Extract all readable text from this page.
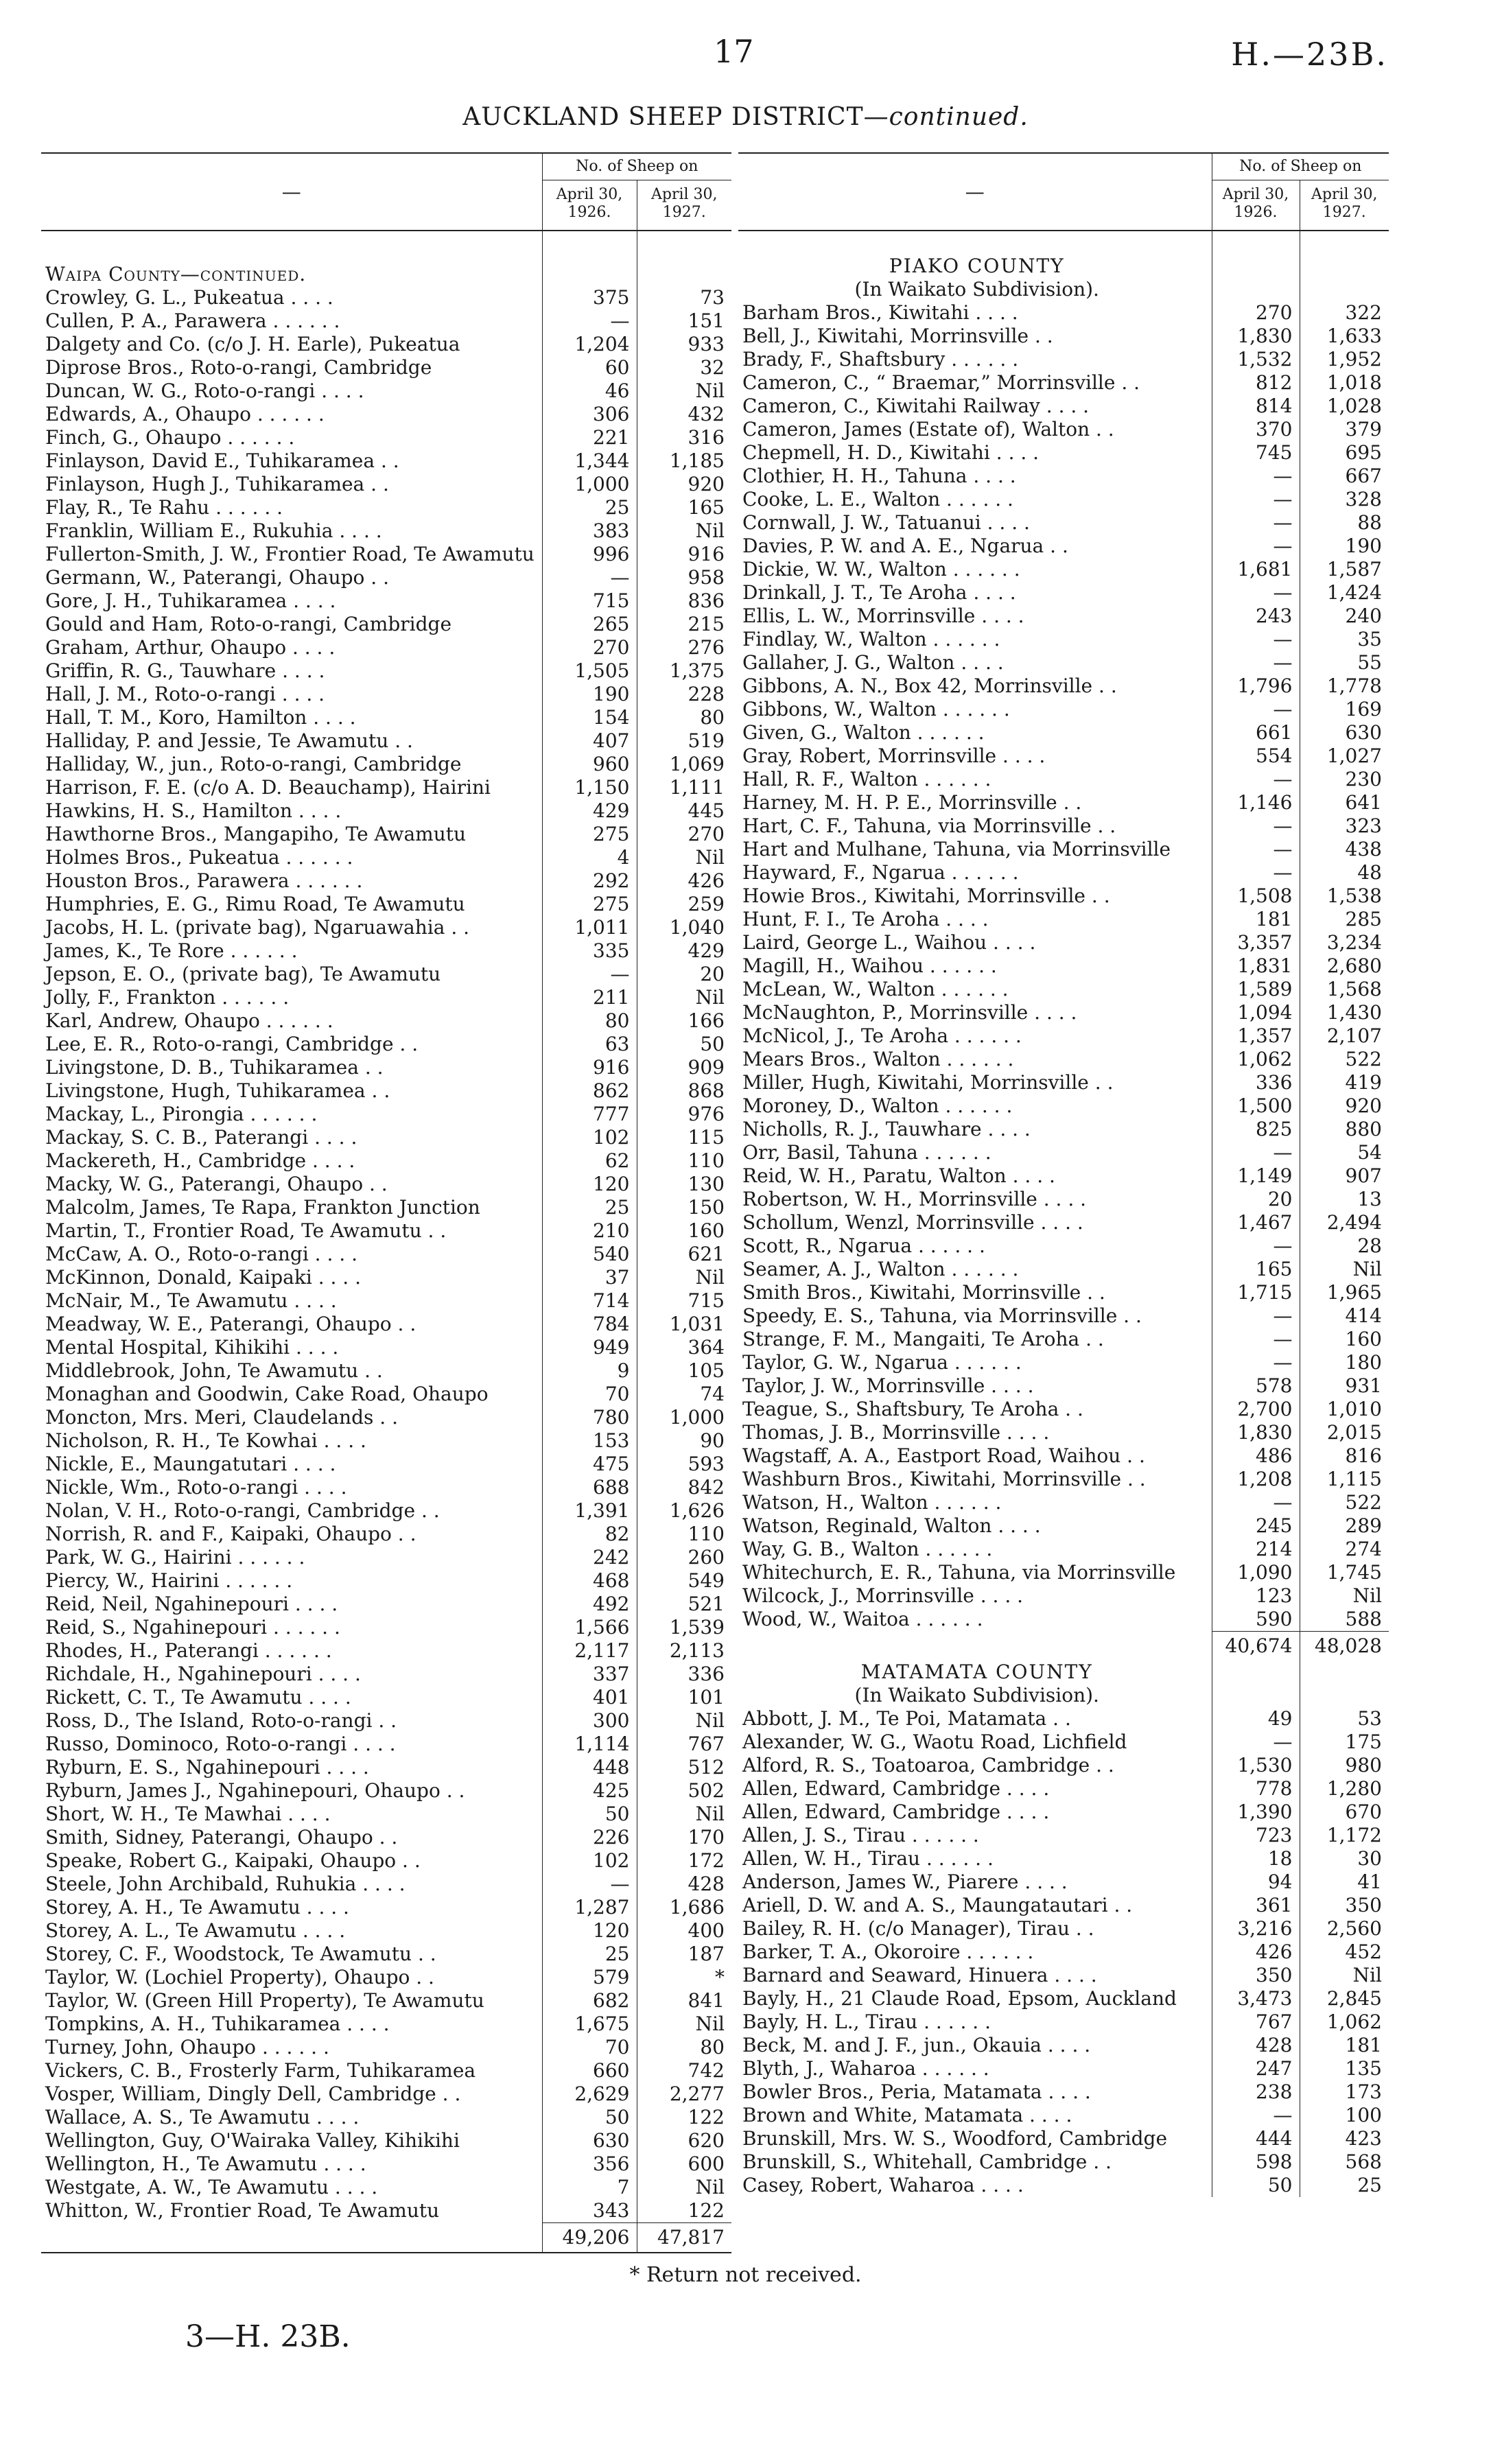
17	H.—23B.
AUCKLAND SHEEP DISTRICT—continued.
—	No. of Sheep on	
	April 30, 1926.	April 30, 1927.

Waipa County—continued.		
Crowley, G. L., Pukeatua . . . .	375	73
Cullen, P. A., Parawera . . . . . .	—	151
Dalgety and Co. (c/o J. H. Earle), Pukeatua	1,204	933
Diprose Bros., Roto-o-rangi, Cambridge	60	32
Duncan, W. G., Roto-o-rangi . . . .	46	Nil
Edwards, A., Ohaupo . . . . . .	306	432
Finch, G., Ohaupo . . . . . .	221	316
Finlayson, David E., Tuhikaramea . .	1,344	1,185
Finlayson, Hugh J., Tuhikaramea . .	1,000	920
Flay, R., Te Rahu . . . . . .	25	165
Franklin, William E., Rukuhia . . . .	383	Nil
Fullerton-Smith, J. W., Frontier Road, Te Awamutu	996	916
Germann, W., Paterangi, Ohaupo . .	—	958
Gore, J. H., Tuhikaramea . . . .	715	836
Gould and Ham, Roto-o-rangi, Cambridge	265	215
Graham, Arthur, Ohaupo . . . .	270	276
Griffin, R. G., Tauwhare . . . .	1,505	1,375
Hall, J. M., Roto-o-rangi . . . .	190	228
Hall, T. M., Koro, Hamilton . . . .	154	80
Halliday, P. and Jessie, Te Awamutu . .	407	519
Halliday, W., jun., Roto-o-rangi, Cambridge	960	1,069
Harrison, F. E. (c/o A. D. Beauchamp), Hairini	1,150	1,111
Hawkins, H. S., Hamilton . . . .	429	445
Hawthorne Bros., Mangapiho, Te Awamutu	275	270
Holmes Bros., Pukeatua . . . . . .	4	Nil
Houston Bros., Parawera . . . . . .	292	426
Humphries, E. G., Rimu Road, Te Awamutu	275	259
Jacobs, H. L. (private bag), Ngaruawahia . .	1,011	1,040
James, K., Te Rore . . . . . .	335	429
Jepson, E. O., (private bag), Te Awamutu	—	20
Jolly, F., Frankton . . . . . .	211	Nil
Karl, Andrew, Ohaupo . . . . . .	80	166
Lee, E. R., Roto-o-rangi, Cambridge . .	63	50
Livingstone, D. B., Tuhikaramea . .	916	909
Livingstone, Hugh, Tuhikaramea . .	862	868
Mackay, L., Pirongia . . . . . .	777	976
Mackay, S. C. B., Paterangi . . . .	102	115
Mackereth, H., Cambridge . . . .	62	110
Macky, W. G., Paterangi, Ohaupo . .	120	130
Malcolm, James, Te Rapa, Frankton Junction	25	150
Martin, T., Frontier Road, Te Awamutu . .	210	160
McCaw, A. O., Roto-o-rangi . . . .	540	621
McKinnon, Donald, Kaipaki . . . .	37	Nil
McNair, M., Te Awamutu . . . .	714	715
Meadway, W. E., Paterangi, Ohaupo . .	784	1,031
Mental Hospital, Kihikihi . . . .	949	364
Middlebrook, John, Te Awamutu . .	9	105
Monaghan and Goodwin, Cake Road, Ohaupo	70	74
Moncton, Mrs. Meri, Claudelands . .	780	1,000
Nicholson, R. H., Te Kowhai . . . .	153	90
Nickle, E., Maungatutari . . . .	475	593
Nickle, Wm., Roto-o-rangi . . . .	688	842
Nolan, V. H., Roto-o-rangi, Cambridge . .	1,391	1,626
Norrish, R. and F., Kaipaki, Ohaupo . .	82	110
Park, W. G., Hairini . . . . . .	242	260
Piercy, W., Hairini . . . . . .	468	549
Reid, Neil, Ngahinepouri . . . .	492	521
Reid, S., Ngahinepouri . . . . . .	1,566	1,539
Rhodes, H., Paterangi . . . . . .	2,117	2,113
Richdale, H., Ngahinepouri . . . .	337	336
Rickett, C. T., Te Awamutu . . . .	401	101
Ross, D., The Island, Roto-o-rangi . .	300	Nil
Russo, Dominoco, Roto-o-rangi . . . .	1,114	767
Ryburn, E. S., Ngahinepouri . . . .	448	512
Ryburn, James J., Ngahinepouri, Ohaupo . .	425	502
Short, W. H., Te Mawhai . . . .	50	Nil
Smith, Sidney, Paterangi, Ohaupo . .	226	170
Speake, Robert G., Kaipaki, Ohaupo . .	102	172
Steele, John Archibald, Ruhukia . . . .	—	428
Storey, A. H., Te Awamutu . . . .	1,287	1,686
Storey, A. L., Te Awamutu . . . .	120	400
Storey, C. F., Woodstock, Te Awamutu . .	25	187
Taylor, W. (Lochiel Property), Ohaupo . .	579	*
Taylor, W. (Green Hill Property), Te Awamutu	682	841
Tompkins, A. H., Tuhikaramea . . . .	1,675	Nil
Turney, John, Ohaupo . . . . . .	70	80
Vickers, C. B., Frosterly Farm, Tuhikaramea	660	742
Vosper, William, Dingly Dell, Cambridge . .	2,629	2,277
Wallace, A. S., Te Awamutu . . . .	50	122
Wellington, Guy, O'Wairaka Valley, Kihikihi	630	620
Wellington, H., Te Awamutu . . . .	356	600
Westgate, A. W., Te Awamutu . . . .	7	Nil
Whitton, W., Frontier Road, Te Awamutu	343	122
	49,206	47,817
—	No. of Sheep on	
	April 30, 1926.	April 30, 1927.

PIAKO COUNTY		
(In Waikato Subdivision).		
Barham Bros., Kiwitahi . . . .	270	322
Bell, J., Kiwitahi, Morrinsville . .	1,830	1,633
Brady, F., Shaftsbury . . . . . .	1,532	1,952
Cameron, C., “ Braemar,” Morrinsville . .	812	1,018
Cameron, C., Kiwitahi Railway . . . .	814	1,028
Cameron, James (Estate of), Walton . .	370	379
Chepmell, H. D., Kiwitahi . . . .	745	695
Clothier, H. H., Tahuna . . . .	—	667
Cooke, L. E., Walton . . . . . .	—	328
Cornwall, J. W., Tatuanui . . . .	—	88
Davies, P. W. and A. E., Ngarua . .	—	190
Dickie, W. W., Walton . . . . . .	1,681	1,587
Drinkall, J. T., Te Aroha . . . .	—	1,424
Ellis, L. W., Morrinsville . . . .	243	240
Findlay, W., Walton . . . . . .	—	35
Gallaher, J. G., Walton . . . .	—	55
Gibbons, A. N., Box 42, Morrinsville . .	1,796	1,778
Gibbons, W., Walton . . . . . .	—	169
Given, G., Walton . . . . . .	661	630
Gray, Robert, Morrinsville . . . .	554	1,027
Hall, R. F., Walton . . . . . .	—	230
Harney, M. H. P. E., Morrinsville . .	1,146	641
Hart, C. F., Tahuna, via Morrinsville . .	—	323
Hart and Mulhane, Tahuna, via Morrinsville	—	438
Hayward, F., Ngarua . . . . . .	—	48
Howie Bros., Kiwitahi, Morrinsville . .	1,508	1,538
Hunt, F. I., Te Aroha . . . .	181	285
Laird, George L., Waihou . . . .	3,357	3,234
Magill, H., Waihou . . . . . .	1,831	2,680
McLean, W., Walton . . . . . .	1,589	1,568
McNaughton, P., Morrinsville . . . .	1,094	1,430
McNicol, J., Te Aroha . . . . . .	1,357	2,107
Mears Bros., Walton . . . . . .	1,062	522
Miller, Hugh, Kiwitahi, Morrinsville . .	336	419
Moroney, D., Walton . . . . . .	1,500	920
Nicholls, R. J., Tauwhare . . . .	825	880
Orr, Basil, Tahuna . . . . . .	—	54
Reid, W. H., Paratu, Walton . . . .	1,149	907
Robertson, W. H., Morrinsville . . . .	20	13
Schollum, Wenzl, Morrinsville . . . .	1,467	2,494
Scott, R., Ngarua . . . . . .	—	28
Seamer, A. J., Walton . . . . . .	165	Nil
Smith Bros., Kiwitahi, Morrinsville . .	1,715	1,965
Speedy, E. S., Tahuna, via Morrinsville . .	—	414
Strange, F. M., Mangaiti, Te Aroha . .	—	160
Taylor, G. W., Ngarua . . . . . .	—	180
Taylor, J. W., Morrinsville . . . .	578	931
Teague, S., Shaftsbury, Te Aroha . .	2,700	1,010
Thomas, J. B., Morrinsville . . . .	1,830	2,015
Wagstaff, A. A., Eastport Road, Waihou . .	486	816
Washburn Bros., Kiwitahi, Morrinsville . .	1,208	1,115
Watson, H., Walton . . . . . .	—	522
Watson, Reginald, Walton . . . .	245	289
Way, G. B., Walton . . . . . .	214	274
Whitechurch, E. R., Tahuna, via Morrinsville	1,090	1,745
Wilcock, J., Morrinsville . . . .	123	Nil
Wood, W., Waitoa . . . . . .	590	588
	40,674	48,028

MATAMATA COUNTY		
(In Waikato Subdivision).		
Abbott, J. M., Te Poi, Matamata . .	49	53
Alexander, W. G., Waotu Road, Lichfield	—	175
Alford, R. S., Toatoaroa, Cambridge . .	1,530	980
Allen, Edward, Cambridge . . . .	778	1,280
Allen, Edward, Cambridge . . . .	1,390	670
Allen, J. S., Tirau . . . . . .	723	1,172
Allen, W. H., Tirau . . . . . .	18	30
Anderson, James W., Piarere . . . .	94	41
Ariell, D. W. and A. S., Maungatautari . .	361	350
Bailey, R. H. (c/o Manager), Tirau . .	3,216	2,560
Barker, T. A., Okoroire . . . . . .	426	452
Barnard and Seaward, Hinuera . . . .	350	Nil
Bayly, H., 21 Claude Road, Epsom, Auckland	3,473	2,845
Bayly, H. L., Tirau . . . . . .	767	1,062
Beck, M. and J. F., jun., Okauia . . . .	428	181
Blyth, J., Waharoa . . . . . .	247	135
Bowler Bros., Peria, Matamata . . . .	238	173
Brown and White, Matamata . . . .	—	100
Brunskill, Mrs. W. S., Woodford, Cambridge	444	423
Brunskill, S., Whitehall, Cambridge . .	598	568
Casey, Robert, Waharoa . . . .	50	25
* Return not received.
3—H. 23B.
